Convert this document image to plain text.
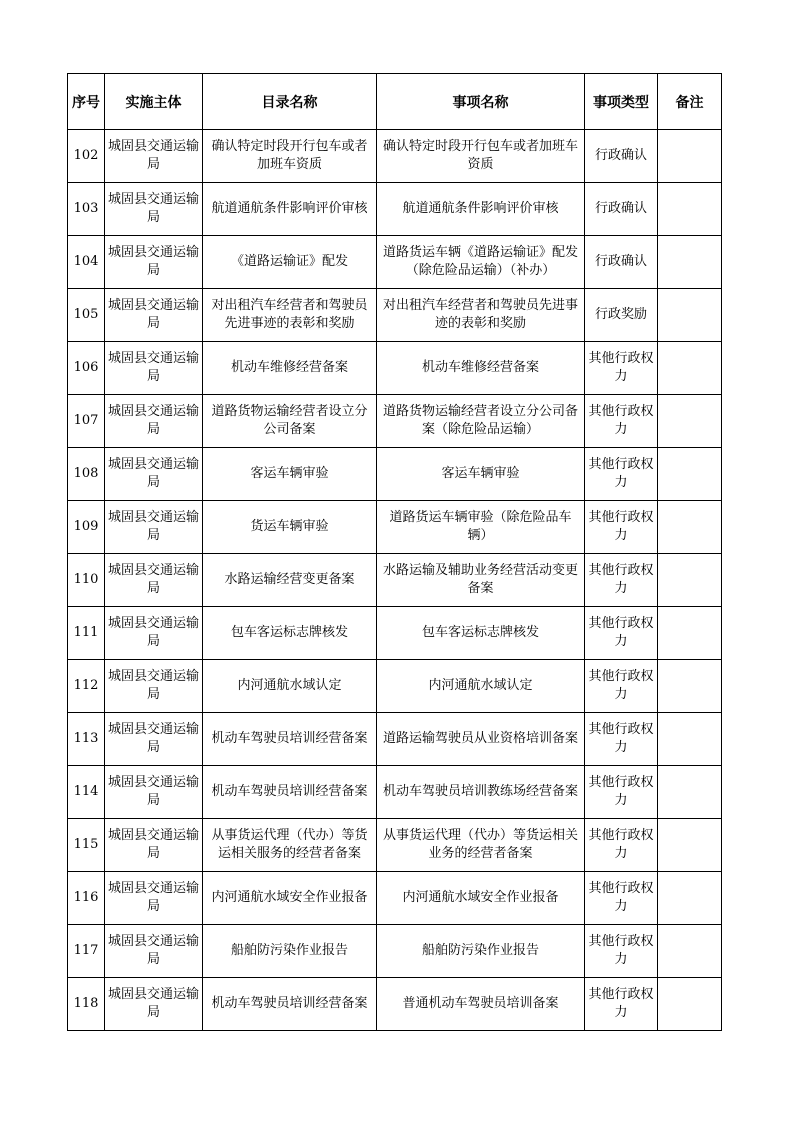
序号	实施主体	目录名称	事项名称	事项类型	备注
102	城固县交通运输局	确认特定时段开行包车或者加班车资质	确认特定时段开行包车或者加班车资质	行政确认	
103	城固县交通运输局	航道通航条件影响评价审核	航道通航条件影响评价审核	行政确认	
104	城固县交通运输局	《道路运输证》配发	道路货运车辆《道路运输证》配发（除危险品运输）（补办）	行政确认	
105	城固县交通运输局	对出租汽车经营者和驾驶员先进事迹的表彰和奖励	对出租汽车经营者和驾驶员先进事迹的表彰和奖励	行政奖励	
106	城固县交通运输局	机动车维修经营备案	机动车维修经营备案	其他行政权力	
107	城固县交通运输局	道路货物运输经营者设立分公司备案	道路货物运输经营者设立分公司备案（除危险品运输）	其他行政权力	
108	城固县交通运输局	客运车辆审验	客运车辆审验	其他行政权力	
109	城固县交通运输局	货运车辆审验	道路货运车辆审验（除危险品车辆）	其他行政权力	
110	城固县交通运输局	水路运输经营变更备案	水路运输及辅助业务经营活动变更备案	其他行政权力	
111	城固县交通运输局	包车客运标志牌核发	包车客运标志牌核发	其他行政权力	
112	城固县交通运输局	内河通航水域认定	内河通航水域认定	其他行政权力	
113	城固县交通运输局	机动车驾驶员培训经营备案	道路运输驾驶员从业资格培训备案	其他行政权力	
114	城固县交通运输局	机动车驾驶员培训经营备案	机动车驾驶员培训教练场经营备案	其他行政权力	
115	城固县交通运输局	从事货运代理（代办）等货运相关服务的经营者备案	从事货运代理（代办）等货运相关业务的经营者备案	其他行政权力	
116	城固县交通运输局	内河通航水域安全作业报备	内河通航水域安全作业报备	其他行政权力	
117	城固县交通运输局	船舶防污染作业报告	船舶防污染作业报告	其他行政权力	
118	城固县交通运输局	机动车驾驶员培训经营备案	普通机动车驾驶员培训备案	其他行政权力	
